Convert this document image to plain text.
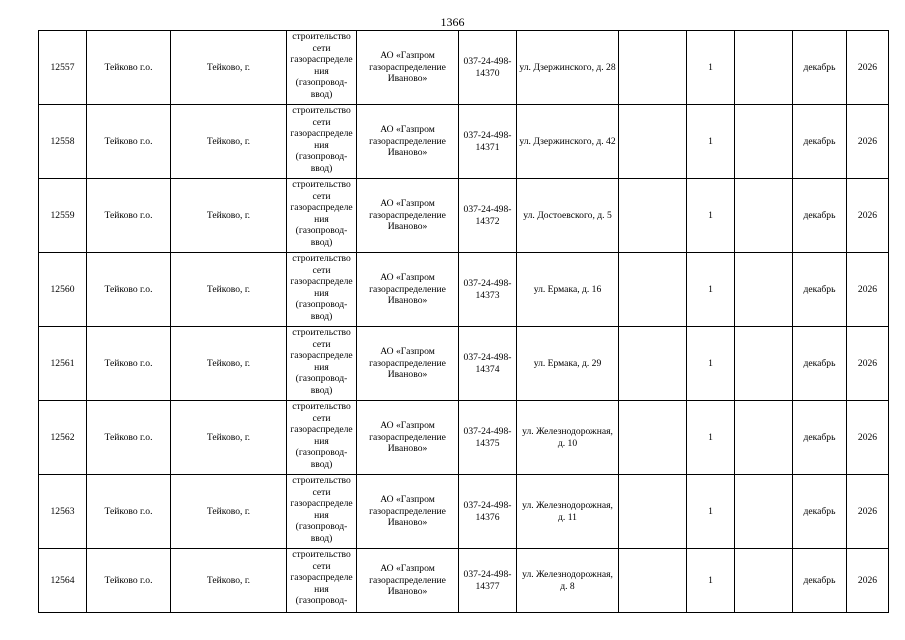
1366
12557	Тейково г.о.	Тейково, г.	строительство сети газораспределения (газопровод-ввод)	АО «Газпром газораспределение Иваново»	037-24-498-14370	ул. Дзержинского, д. 28		1		декабрь	2026
12558	Тейково г.о.	Тейково, г.	строительство сети газораспределения (газопровод-ввод)	АО «Газпром газораспределение Иваново»	037-24-498-14371	ул. Дзержинского, д. 42		1		декабрь	2026
12559	Тейково г.о.	Тейково, г.	строительство сети газораспределения (газопровод-ввод)	АО «Газпром газораспределение Иваново»	037-24-498-14372	ул. Достоевского, д. 5		1		декабрь	2026
12560	Тейково г.о.	Тейково, г.	строительство сети газораспределения (газопровод-ввод)	АО «Газпром газораспределение Иваново»	037-24-498-14373	ул. Ермака, д. 16		1		декабрь	2026
12561	Тейково г.о.	Тейково, г.	строительство сети газораспределения (газопровод-ввод)	АО «Газпром газораспределение Иваново»	037-24-498-14374	ул. Ермака, д. 29		1		декабрь	2026
12562	Тейково г.о.	Тейково, г.	строительство сети газораспределения (газопровод-ввод)	АО «Газпром газораспределение Иваново»	037-24-498-14375	ул. Железнодорожная, д. 10		1		декабрь	2026
12563	Тейково г.о.	Тейково, г.	строительство сети газораспределения (газопровод-ввод)	АО «Газпром газораспределение Иваново»	037-24-498-14376	ул. Железнодорожная, д. 11		1		декабрь	2026
12564	Тейково г.о.	Тейково, г.	строительство сети газораспределения (газопровод-	АО «Газпром газораспределение Иваново»	037-24-498-14377	ул. Железнодорожная, д. 8		1		декабрь	2026
